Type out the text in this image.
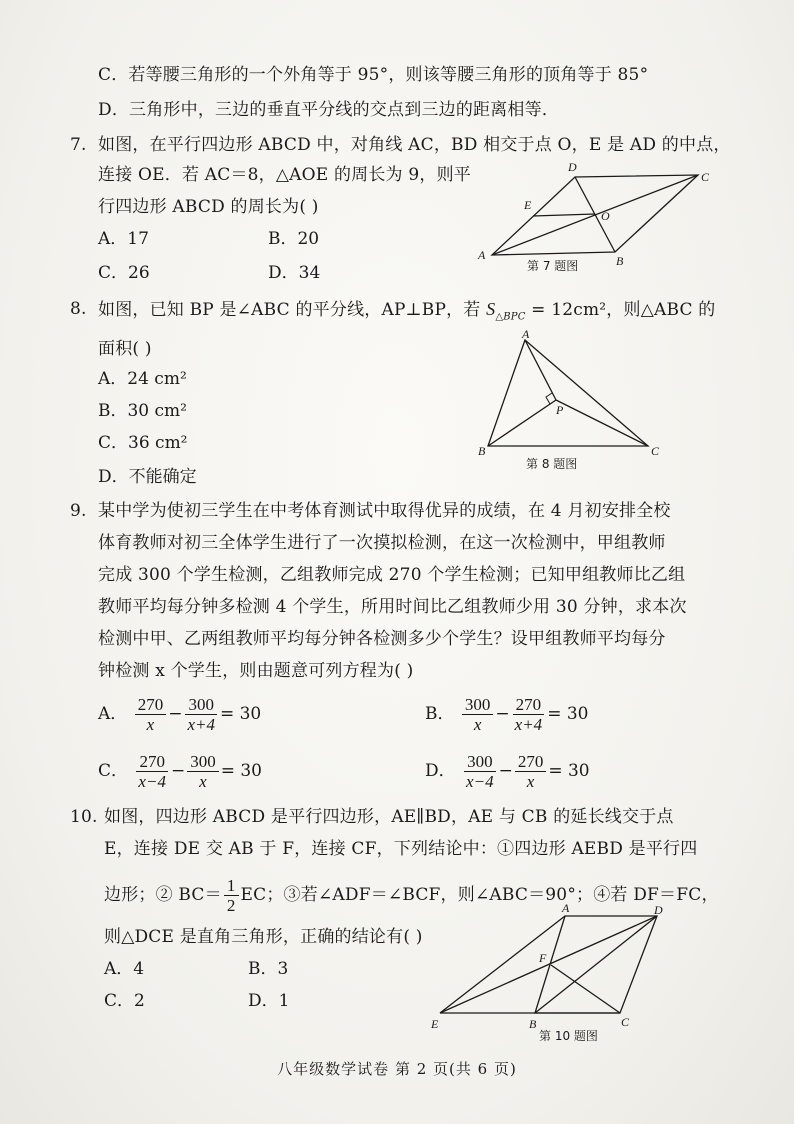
C．若等腰三角形的一个外角等于 95°，则该等腰三角形的顶角等于 85°
D．三角形中，三边的垂直平分线的交点到三边的距离相等．
7. 如图，在平行四边形 ABCD 中，对角线 AC，BD 相交于点 O，E 是 AD 的中点，
连接 OE．若 AC＝8，△AOE 的周长为 9，则平
行四边形 ABCD 的周长为( )
A．17	B．20
C．26	D．34
A	B
C
D
E
O
第 7 题图
8. 如图，已知 BP 是∠ABC 的平分线，AP⊥BP，若 $S_{\triangle BPC} = 12cm^2$，则△ABC 的
面积( )
A．24 cm²
B．30 cm²
C．36 cm²
D．不能确定
A
B	C
P
第 8 题图
9. 某中学为使初三学生在中考体育测试中取得优异的成绩，在 4 月初安排全校
体育教师对初三全体学生进行了一次摸拟检测，在这一次检测中，甲组教师
完成 300 个学生检测，乙组教师完成 270 个学生检测；已知甲组教师比乙组
教师平均每分钟多检测 4 个学生，所用时间比乙组教师少用 30 分钟，求本次
检测中甲、乙两组教师平均每分钟各检测多少个学生？设甲组教师平均每分
钟检测 x 个学生，则由题意可列方程为( )
A． $\frac{270}{x} - \frac{300}{x+4} = 30$	B． $\frac{300}{x} - \frac{270}{x+4} = 30$
C． $\frac{270}{x-4} - \frac{300}{x} = 30$	D． $\frac{300}{x-4} - \frac{270}{x} = 30$
10. 如图，四边形 ABCD 是平行四边形，AE∥BD，AE 与 CB 的延长线交于点
E，连接 DE 交 AB 于 F，连接 CF，下列结论中：①四边形 AEBD 是平行四
边形；② $BC= \frac{1}{2}$ EC；③若∠ADF＝∠BCF，则∠ABC＝90°；④若 DF＝FC，
则△DCE 是直角三角形，正确的结论有( )
A．4	B．3
C．2	D．1
A
B	C
D
E
F
第 10 题图
八年级数学试卷 第 2 页(共 6 页)
